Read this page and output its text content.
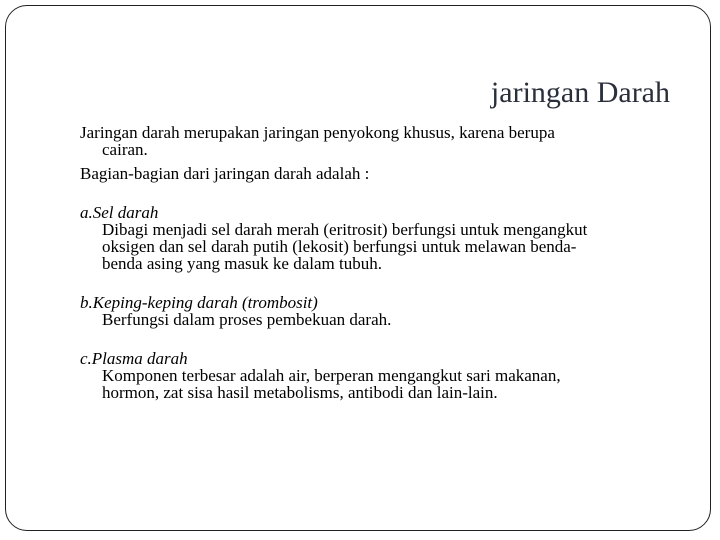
jaringan Darah

Jaringan darah merupakan jaringan penyokong khusus, karena berupa
cairan.

Bagian-bagian dari jaringan darah adalah :

a.Sel darah
Dibagi menjadi sel darah merah (eritrosit) berfungsi untuk mengangkut
oksigen dan sel darah putih (lekosit) berfungsi untuk melawan benda-
benda asing yang masuk ke dalam tubuh.

b.Keping-keping darah (trombosit)
Berfungsi dalam proses pembekuan darah.

c.Plasma darah
Komponen terbesar adalah air, berperan mengangkut sari makanan,
hormon, zat sisa hasil metabolisms, antibodi dan lain-lain.
